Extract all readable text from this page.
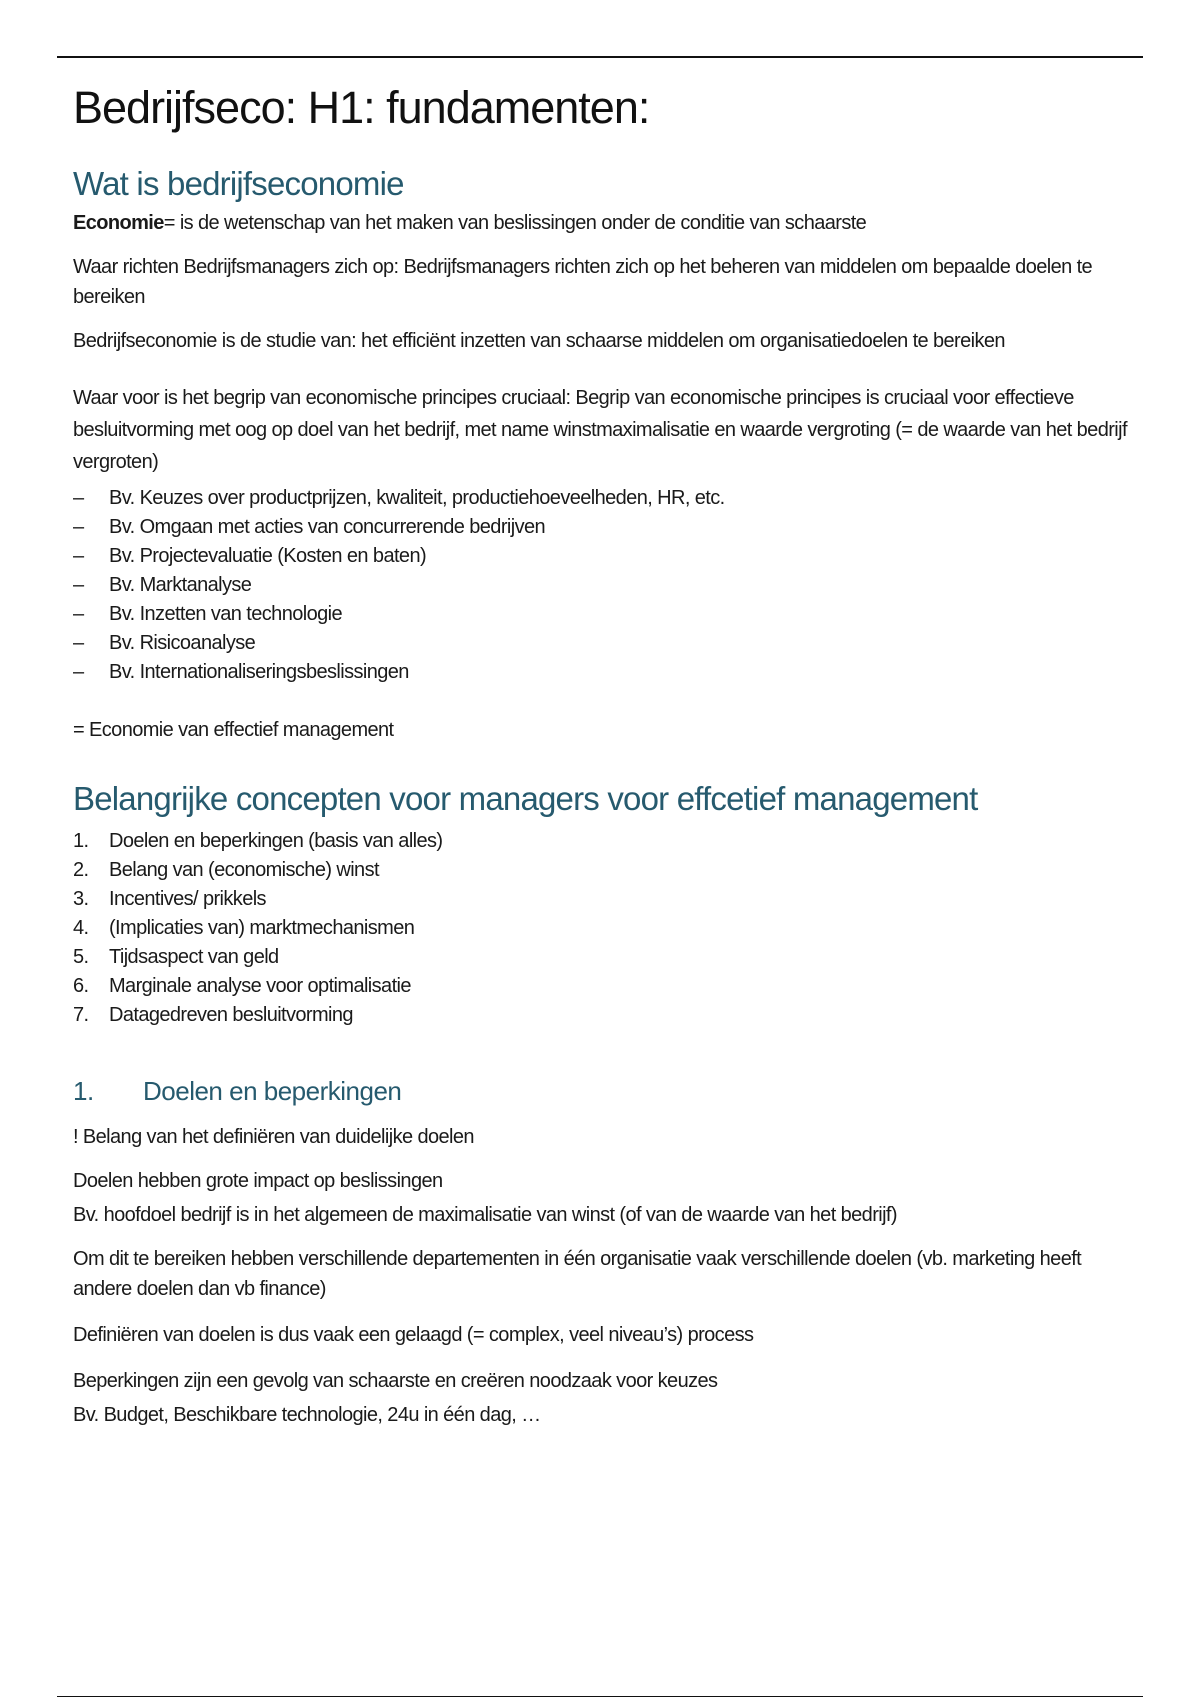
Bedrijfseco: H1: fundamenten:
Wat is bedrijfseconomie

Economie= is de wetenschap van het maken van beslissingen onder de conditie van schaarste

Waar richten Bedrijfsmanagers zich op: Bedrijfsmanagers richten zich op het beheren van middelen om bepaalde doelen te bereiken

Bedrijfseconomie is de studie van: het efficiënt inzetten van schaarse middelen om organisatiedoelen te bereiken

Waar voor is het begrip van economische principes cruciaal: Begrip van economische principes is cruciaal voor effectieve besluitvorming met oog op doel van het bedrijf, met name winstmaximalisatie en waarde vergroting (= de waarde van het bedrijf vergroten)

–	Bv. Keuzes over productprijzen, kwaliteit, productiehoeveelheden, HR, etc.
–	Bv. Omgaan met acties van concurrerende bedrijven
–	Bv. Projectevaluatie (Kosten en baten)
–	Bv. Marktanalyse
–	Bv. Inzetten van technologie
–	Bv. Risicoanalyse
–	Bv. Internationaliseringsbeslissingen

= Economie van effectief management

Belangrijke concepten voor managers voor effcetief management
1.	Doelen en beperkingen (basis van alles)
2.	Belang van (economische) winst
3.	Incentives/ prikkels
4.	(Implicaties van) marktmechanismen
5.	Tijdsaspect van geld
6.	Marginale analyse voor optimalisatie
7.	Datagedreven besluitvorming
1.	Doelen en beperkingen

! Belang van het definiëren van duidelijke doelen

Doelen hebben grote impact op beslissingen

Bv. hoofdoel bedrijf is in het algemeen de maximalisatie van winst (of van de waarde van het bedrijf)

Om dit te bereiken hebben verschillende departementen in één organisatie vaak verschillende doelen (vb. marketing heeft andere doelen dan vb finance)

Definiëren van doelen is dus vaak een gelaagd (= complex, veel niveau’s) process

Beperkingen zijn een gevolg van schaarste en creëren noodzaak voor keuzes

Bv. Budget, Beschikbare technologie, 24u in één dag, …
